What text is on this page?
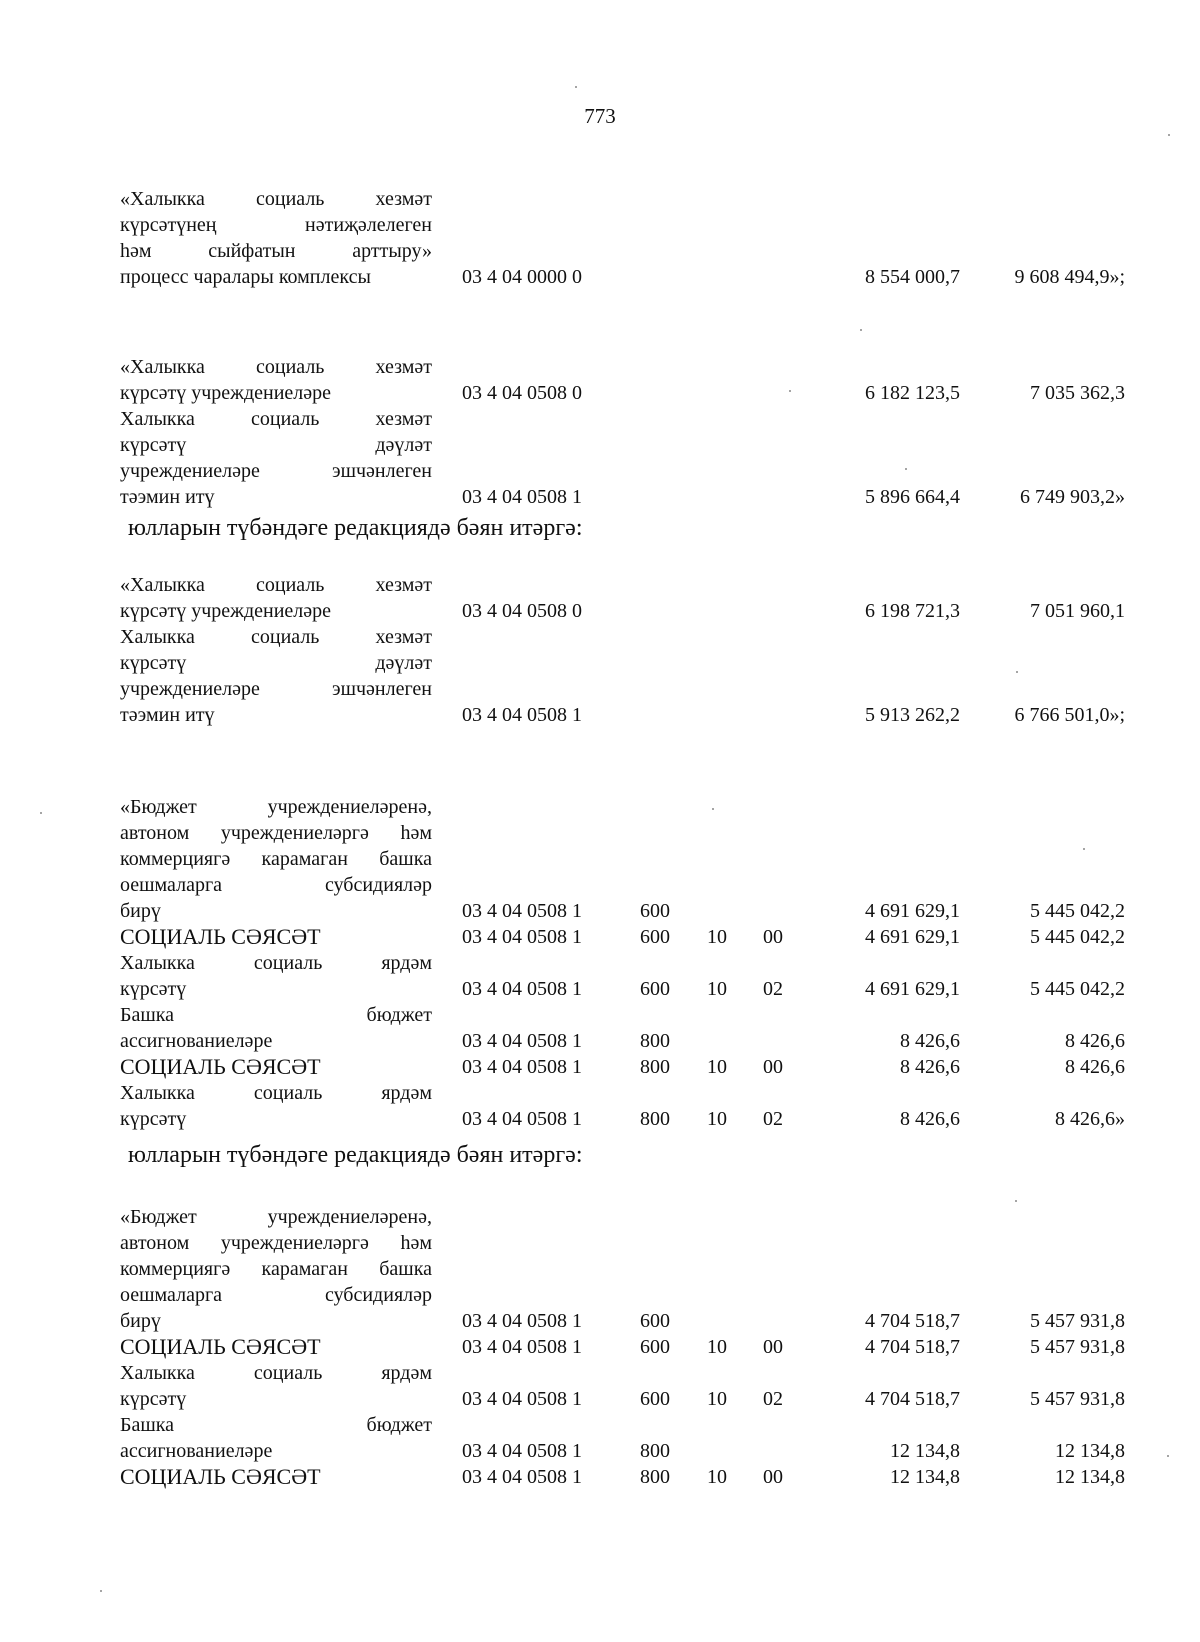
773
«Халыкка социаль хезмәт
күрсәтүнең нәтиҗәлелеген
һәм сыйфатын арттыру»
процесс чаралары комплексы	03 4 04 0000 0	8 554 000,7	9 608 494,9»;
«Халыкка социаль хезмәт
күрсәтү учреждениеләре	03 4 04 0508 0	6 182 123,5	7 035 362,3
Халыкка социаль хезмәт
күрсәтү дәүләт
учреждениеләре эшчәнлеген
тәэмин итү	03 4 04 0508 1	5 896 664,4	6 749 903,2»
«Халыкка социаль хезмәт
күрсәтү учреждениеләре	03 4 04 0508 0	6 198 721,3	7 051 960,1
Халыкка социаль хезмәт
күрсәтү дәүләт
учреждениеләре эшчәнлеген
тәэмин итү	03 4 04 0508 1	5 913 262,2	6 766 501,0»;
«Бюджет учреждениеләренә,
автоном учреждениеләргә һәм
коммерциягә карамаган башка
оешмаларга субсидияләр
бирү	03 4 04 0508 1	600	4 691 629,1	5 445 042,2
СОЦИАЛЬ СӘЯСӘТ	03 4 04 0508 1	600 10 00	4 691 629,1	5 445 042,2
Халыкка социаль ярдәм
күрсәтү	03 4 04 0508 1	600 10 02	4 691 629,1	5 445 042,2
Башка бюджет
ассигнованиеләре	03 4 04 0508 1	800	8 426,6	8 426,6
СОЦИАЛЬ СӘЯСӘТ	03 4 04 0508 1	800 10 00	8 426,6	8 426,6
Халыкка социаль ярдәм
күрсәтү	03 4 04 0508 1	800 10 02	8 426,6	8 426,6»
«Бюджет учреждениеләренә,
автоном учреждениеләргә һәм
коммерциягә карамаган башка
оешмаларга субсидияләр
бирү	03 4 04 0508 1	600	4 704 518,7	5 457 931,8
СОЦИАЛЬ СӘЯСӘТ	03 4 04 0508 1	600 10 00	4 704 518,7	5 457 931,8
Халыкка социаль ярдәм
күрсәтү	03 4 04 0508 1	600 10 02	4 704 518,7	5 457 931,8
Башка бюджет
ассигнованиеләре	03 4 04 0508 1	800	12 134,8	12 134,8
СОЦИАЛЬ СӘЯСӘТ	03 4 04 0508 1	800 10 00	12 134,8	12 134,8
юлларын түбәндәге редакциядә бәян итәргә:
юлларын түбәндәге редакциядә бәян итәргә:
